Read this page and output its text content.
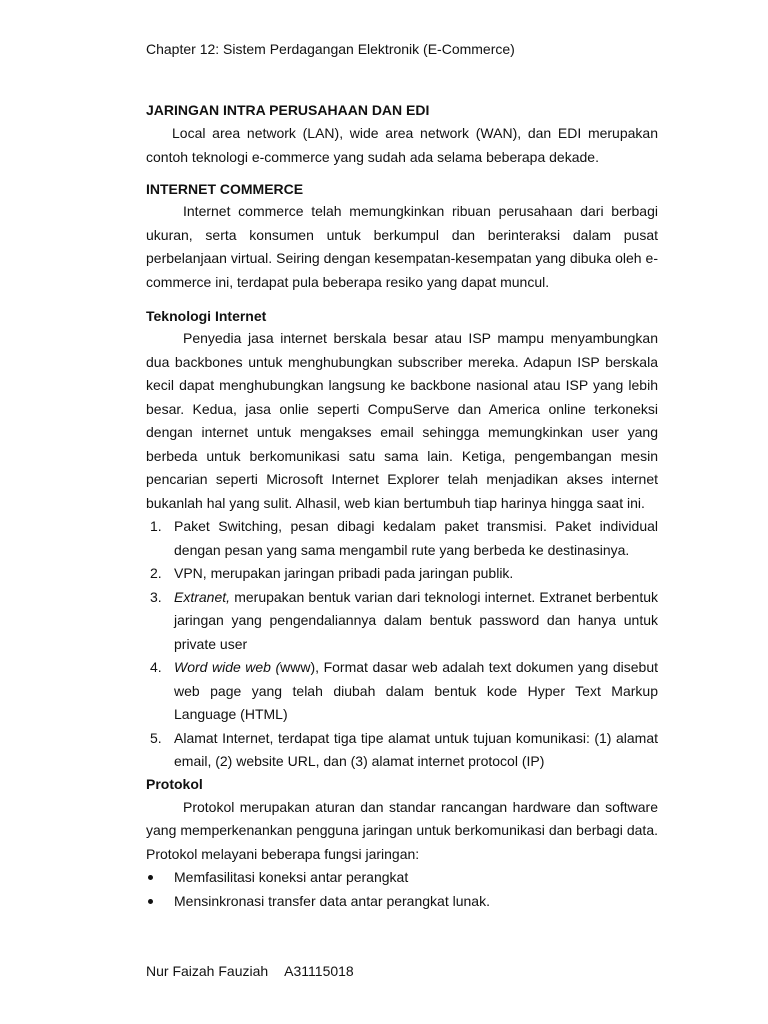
Chapter 12: Sistem Perdagangan Elektronik (E-Commerce)
JARINGAN INTRA PERUSAHAAN DAN EDI

Local area network (LAN), wide area network (WAN), dan EDI merupakan contoh teknologi e-commerce yang sudah ada selama beberapa dekade.

INTERNET COMMERCE

Internet commerce telah memungkinkan ribuan perusahaan dari berbagi ukuran, serta konsumen untuk berkumpul dan berinteraksi dalam pusat perbelanjaan virtual. Seiring dengan kesempatan-kesempatan yang dibuka oleh e-commerce ini, terdapat pula beberapa resiko yang dapat muncul.

Teknologi Internet

Penyedia jasa internet berskala besar atau ISP mampu menyambungkan dua backbones untuk menghubungkan subscriber mereka. Adapun ISP berskala kecil dapat menghubungkan langsung ke backbone nasional atau ISP yang lebih besar. Kedua, jasa onlie seperti CompuServe dan America online terkoneksi dengan internet untuk mengakses email sehingga memungkinkan user yang berbeda untuk berkomunikasi satu sama lain. Ketiga, pengembangan mesin pencarian seperti Microsoft Internet Explorer telah menjadikan akses internet bukanlah hal yang sulit. Alhasil, web kian bertumbuh tiap harinya hingga saat ini.

1. Paket Switching, pesan dibagi kedalam paket transmisi. Paket individual dengan pesan yang sama mengambil rute yang berbeda ke destinasinya.
2. VPN, merupakan jaringan pribadi pada jaringan publik.
3. Extranet, merupakan bentuk varian dari teknologi internet. Extranet berbentuk jaringan yang pengendaliannya dalam bentuk password dan hanya untuk private user
4. Word wide web (www), Format dasar web adalah text dokumen yang disebut web page yang telah diubah dalam bentuk kode Hyper Text Markup Language (HTML)
5. Alamat Internet, terdapat tiga tipe alamat untuk tujuan komunikasi: (1) alamat email, (2) website URL, dan (3) alamat internet protocol (IP)
Protokol

Protokol merupakan aturan dan standar rancangan hardware dan software yang memperkenankan pengguna jaringan untuk berkomunikasi dan berbagi data. Protokol melayani beberapa fungsi jaringan:

Memfasilitasi koneksi antar perangkat
Mensinkronasi transfer data antar perangkat lunak.
Nur Faizah Fauziah A31115018
